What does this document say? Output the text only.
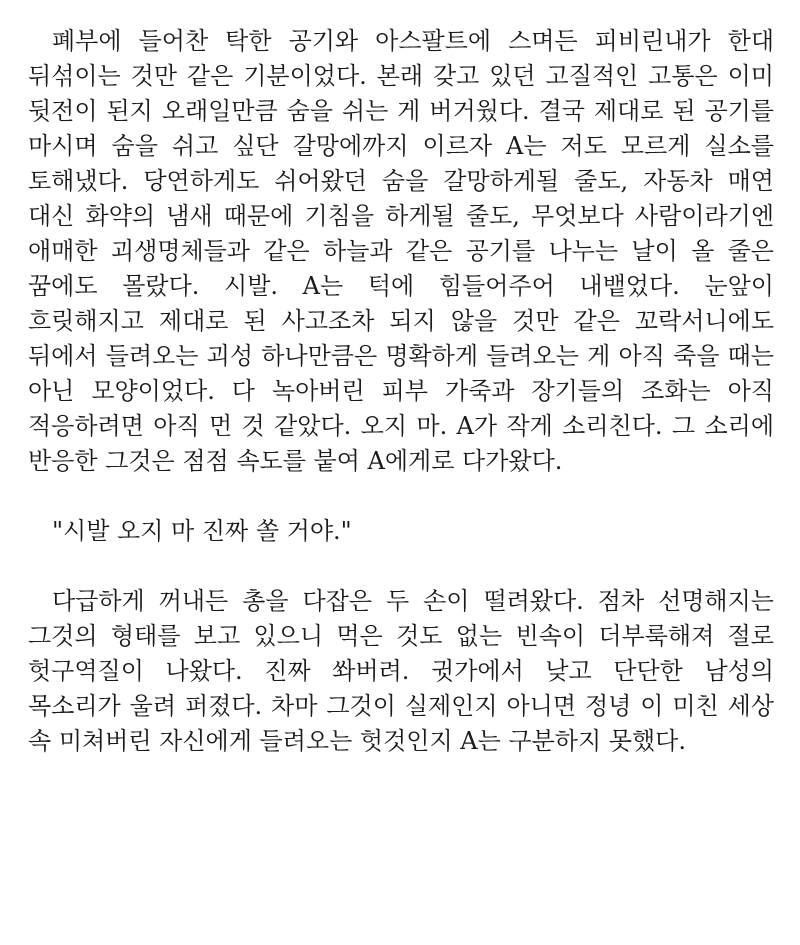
폐부에 들어찬 탁한 공기와 아스팔트에 스며든 피비린내가 한대 뒤섞이는 것만 같은 기분이었다. 본래 갖고 있던 고질적인 고통은 이미 뒷전이 된지 오래일만큼 숨을 쉬는 게 버거웠다. 결국 제대로 된 공기를 마시며 숨을 쉬고 싶단 갈망에까지 이르자 A는 저도 모르게 실소를 토해냈다. 당연하게도 쉬어왔던 숨을 갈망하게될 줄도, 자동차 매연 대신 화약의 냄새 때문에 기침을 하게될 줄도, 무엇보다 사람이라기엔 애매한 괴생명체들과 같은 하늘과 같은 공기를 나누는 날이 올 줄은 꿈에도 몰랐다. 시발. A는 턱에 힘들어주어 내뱉었다. 눈앞이 흐릿해지고 제대로 된 사고조차 되지 않을 것만 같은 꼬락서니에도 뒤에서 들려오는 괴성 하나만큼은 명확하게 들려오는 게 아직 죽을 때는 아닌 모양이었다. 다 녹아버린 피부 가죽과 장기들의 조화는 아직 적응하려면 아직 먼 것 같았다. 오지 마. A가 작게 소리친다. 그 소리에 반응한 그것은 점점 속도를 붙여 A에게로 다가왔다.

"시발 오지 마 진짜 쏠 거야."

다급하게 꺼내든 총을 다잡은 두 손이 떨려왔다. 점차 선명해지는 그것의 형태를 보고 있으니 먹은 것도 없는 빈속이 더부룩해져 절로 헛구역질이 나왔다. 진짜 쏴버려. 귓가에서 낮고 단단한 남성의 목소리가 울려 퍼졌다. 차마 그것이 실제인지 아니면 정녕 이 미친 세상 속 미쳐버린 자신에게 들려오는 헛것인지 A는 구분하지 못했다.
